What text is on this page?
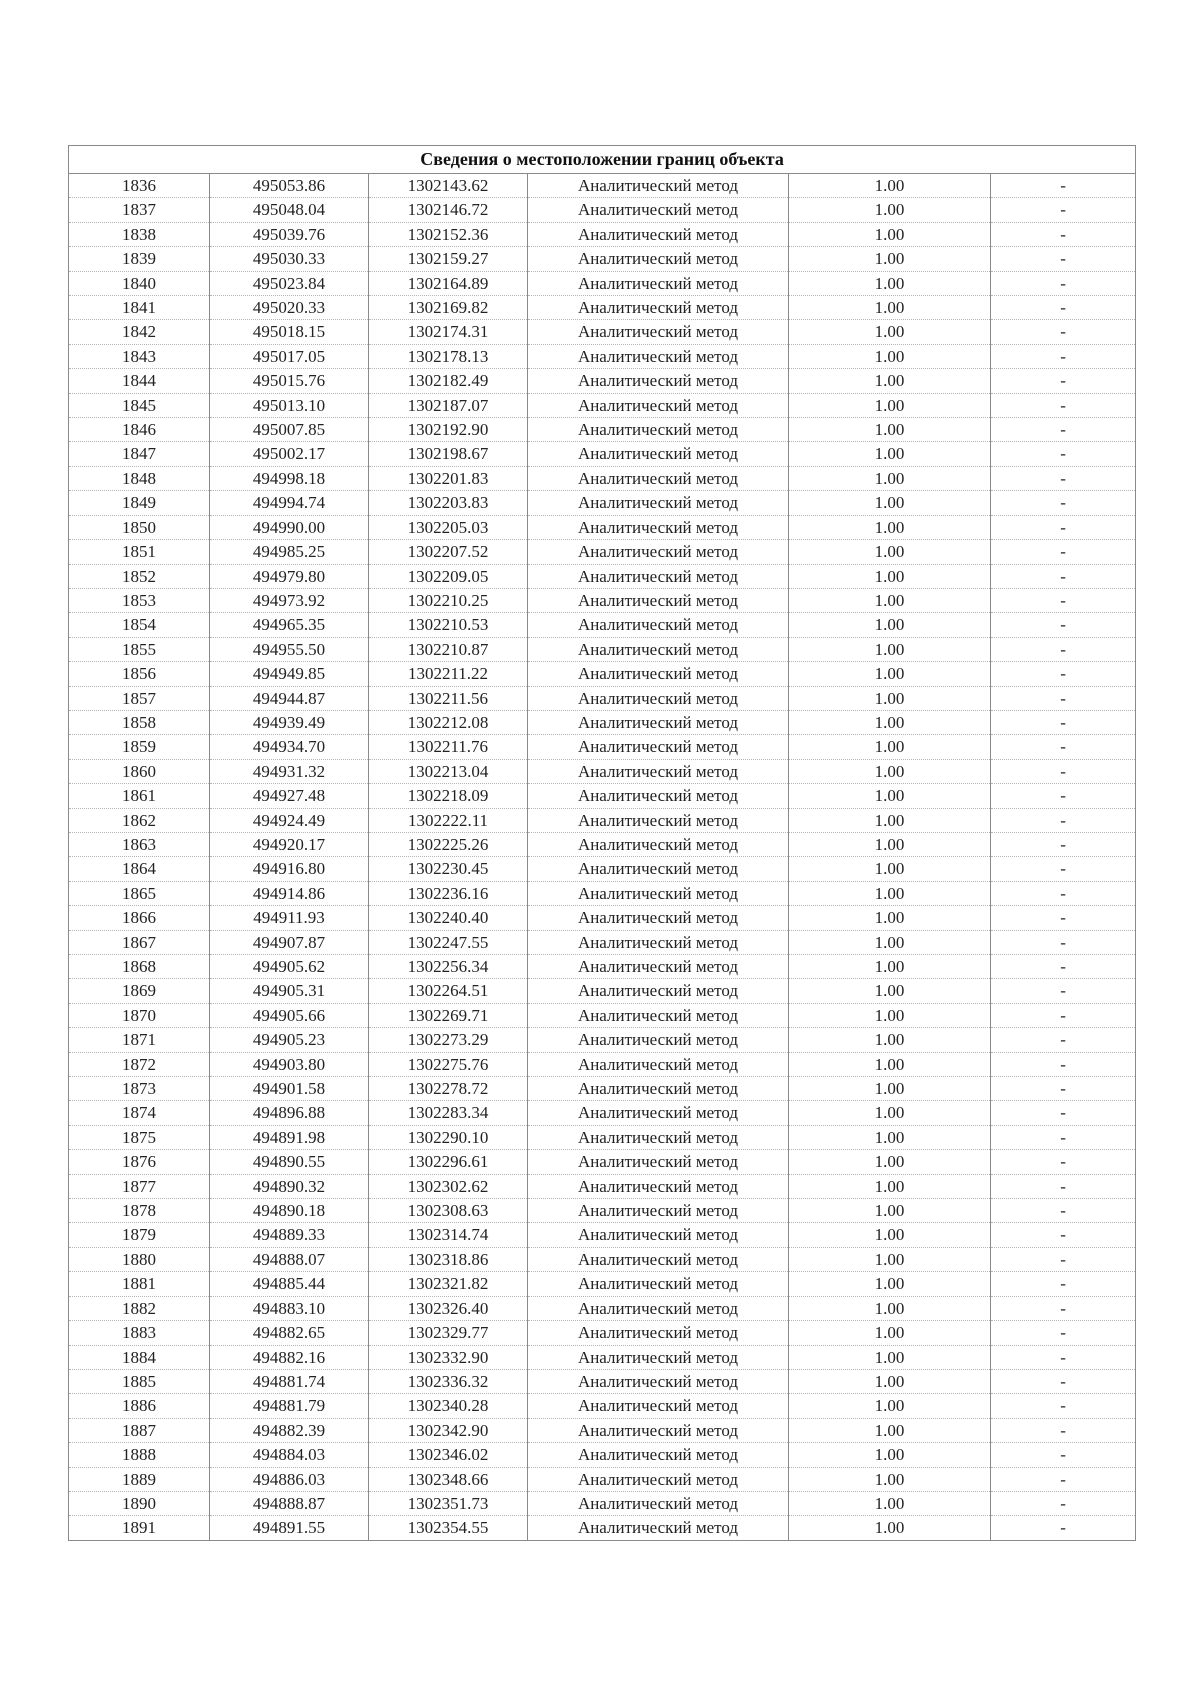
Сведения о местоположении границ объекта					
1836	495053.86	1302143.62	Аналитический метод	1.00	-
1837	495048.04	1302146.72	Аналитический метод	1.00	-
1838	495039.76	1302152.36	Аналитический метод	1.00	-
1839	495030.33	1302159.27	Аналитический метод	1.00	-
1840	495023.84	1302164.89	Аналитический метод	1.00	-
1841	495020.33	1302169.82	Аналитический метод	1.00	-
1842	495018.15	1302174.31	Аналитический метод	1.00	-
1843	495017.05	1302178.13	Аналитический метод	1.00	-
1844	495015.76	1302182.49	Аналитический метод	1.00	-
1845	495013.10	1302187.07	Аналитический метод	1.00	-
1846	495007.85	1302192.90	Аналитический метод	1.00	-
1847	495002.17	1302198.67	Аналитический метод	1.00	-
1848	494998.18	1302201.83	Аналитический метод	1.00	-
1849	494994.74	1302203.83	Аналитический метод	1.00	-
1850	494990.00	1302205.03	Аналитический метод	1.00	-
1851	494985.25	1302207.52	Аналитический метод	1.00	-
1852	494979.80	1302209.05	Аналитический метод	1.00	-
1853	494973.92	1302210.25	Аналитический метод	1.00	-
1854	494965.35	1302210.53	Аналитический метод	1.00	-
1855	494955.50	1302210.87	Аналитический метод	1.00	-
1856	494949.85	1302211.22	Аналитический метод	1.00	-
1857	494944.87	1302211.56	Аналитический метод	1.00	-
1858	494939.49	1302212.08	Аналитический метод	1.00	-
1859	494934.70	1302211.76	Аналитический метод	1.00	-
1860	494931.32	1302213.04	Аналитический метод	1.00	-
1861	494927.48	1302218.09	Аналитический метод	1.00	-
1862	494924.49	1302222.11	Аналитический метод	1.00	-
1863	494920.17	1302225.26	Аналитический метод	1.00	-
1864	494916.80	1302230.45	Аналитический метод	1.00	-
1865	494914.86	1302236.16	Аналитический метод	1.00	-
1866	494911.93	1302240.40	Аналитический метод	1.00	-
1867	494907.87	1302247.55	Аналитический метод	1.00	-
1868	494905.62	1302256.34	Аналитический метод	1.00	-
1869	494905.31	1302264.51	Аналитический метод	1.00	-
1870	494905.66	1302269.71	Аналитический метод	1.00	-
1871	494905.23	1302273.29	Аналитический метод	1.00	-
1872	494903.80	1302275.76	Аналитический метод	1.00	-
1873	494901.58	1302278.72	Аналитический метод	1.00	-
1874	494896.88	1302283.34	Аналитический метод	1.00	-
1875	494891.98	1302290.10	Аналитический метод	1.00	-
1876	494890.55	1302296.61	Аналитический метод	1.00	-
1877	494890.32	1302302.62	Аналитический метод	1.00	-
1878	494890.18	1302308.63	Аналитический метод	1.00	-
1879	494889.33	1302314.74	Аналитический метод	1.00	-
1880	494888.07	1302318.86	Аналитический метод	1.00	-
1881	494885.44	1302321.82	Аналитический метод	1.00	-
1882	494883.10	1302326.40	Аналитический метод	1.00	-
1883	494882.65	1302329.77	Аналитический метод	1.00	-
1884	494882.16	1302332.90	Аналитический метод	1.00	-
1885	494881.74	1302336.32	Аналитический метод	1.00	-
1886	494881.79	1302340.28	Аналитический метод	1.00	-
1887	494882.39	1302342.90	Аналитический метод	1.00	-
1888	494884.03	1302346.02	Аналитический метод	1.00	-
1889	494886.03	1302348.66	Аналитический метод	1.00	-
1890	494888.87	1302351.73	Аналитический метод	1.00	-
1891	494891.55	1302354.55	Аналитический метод	1.00	-
